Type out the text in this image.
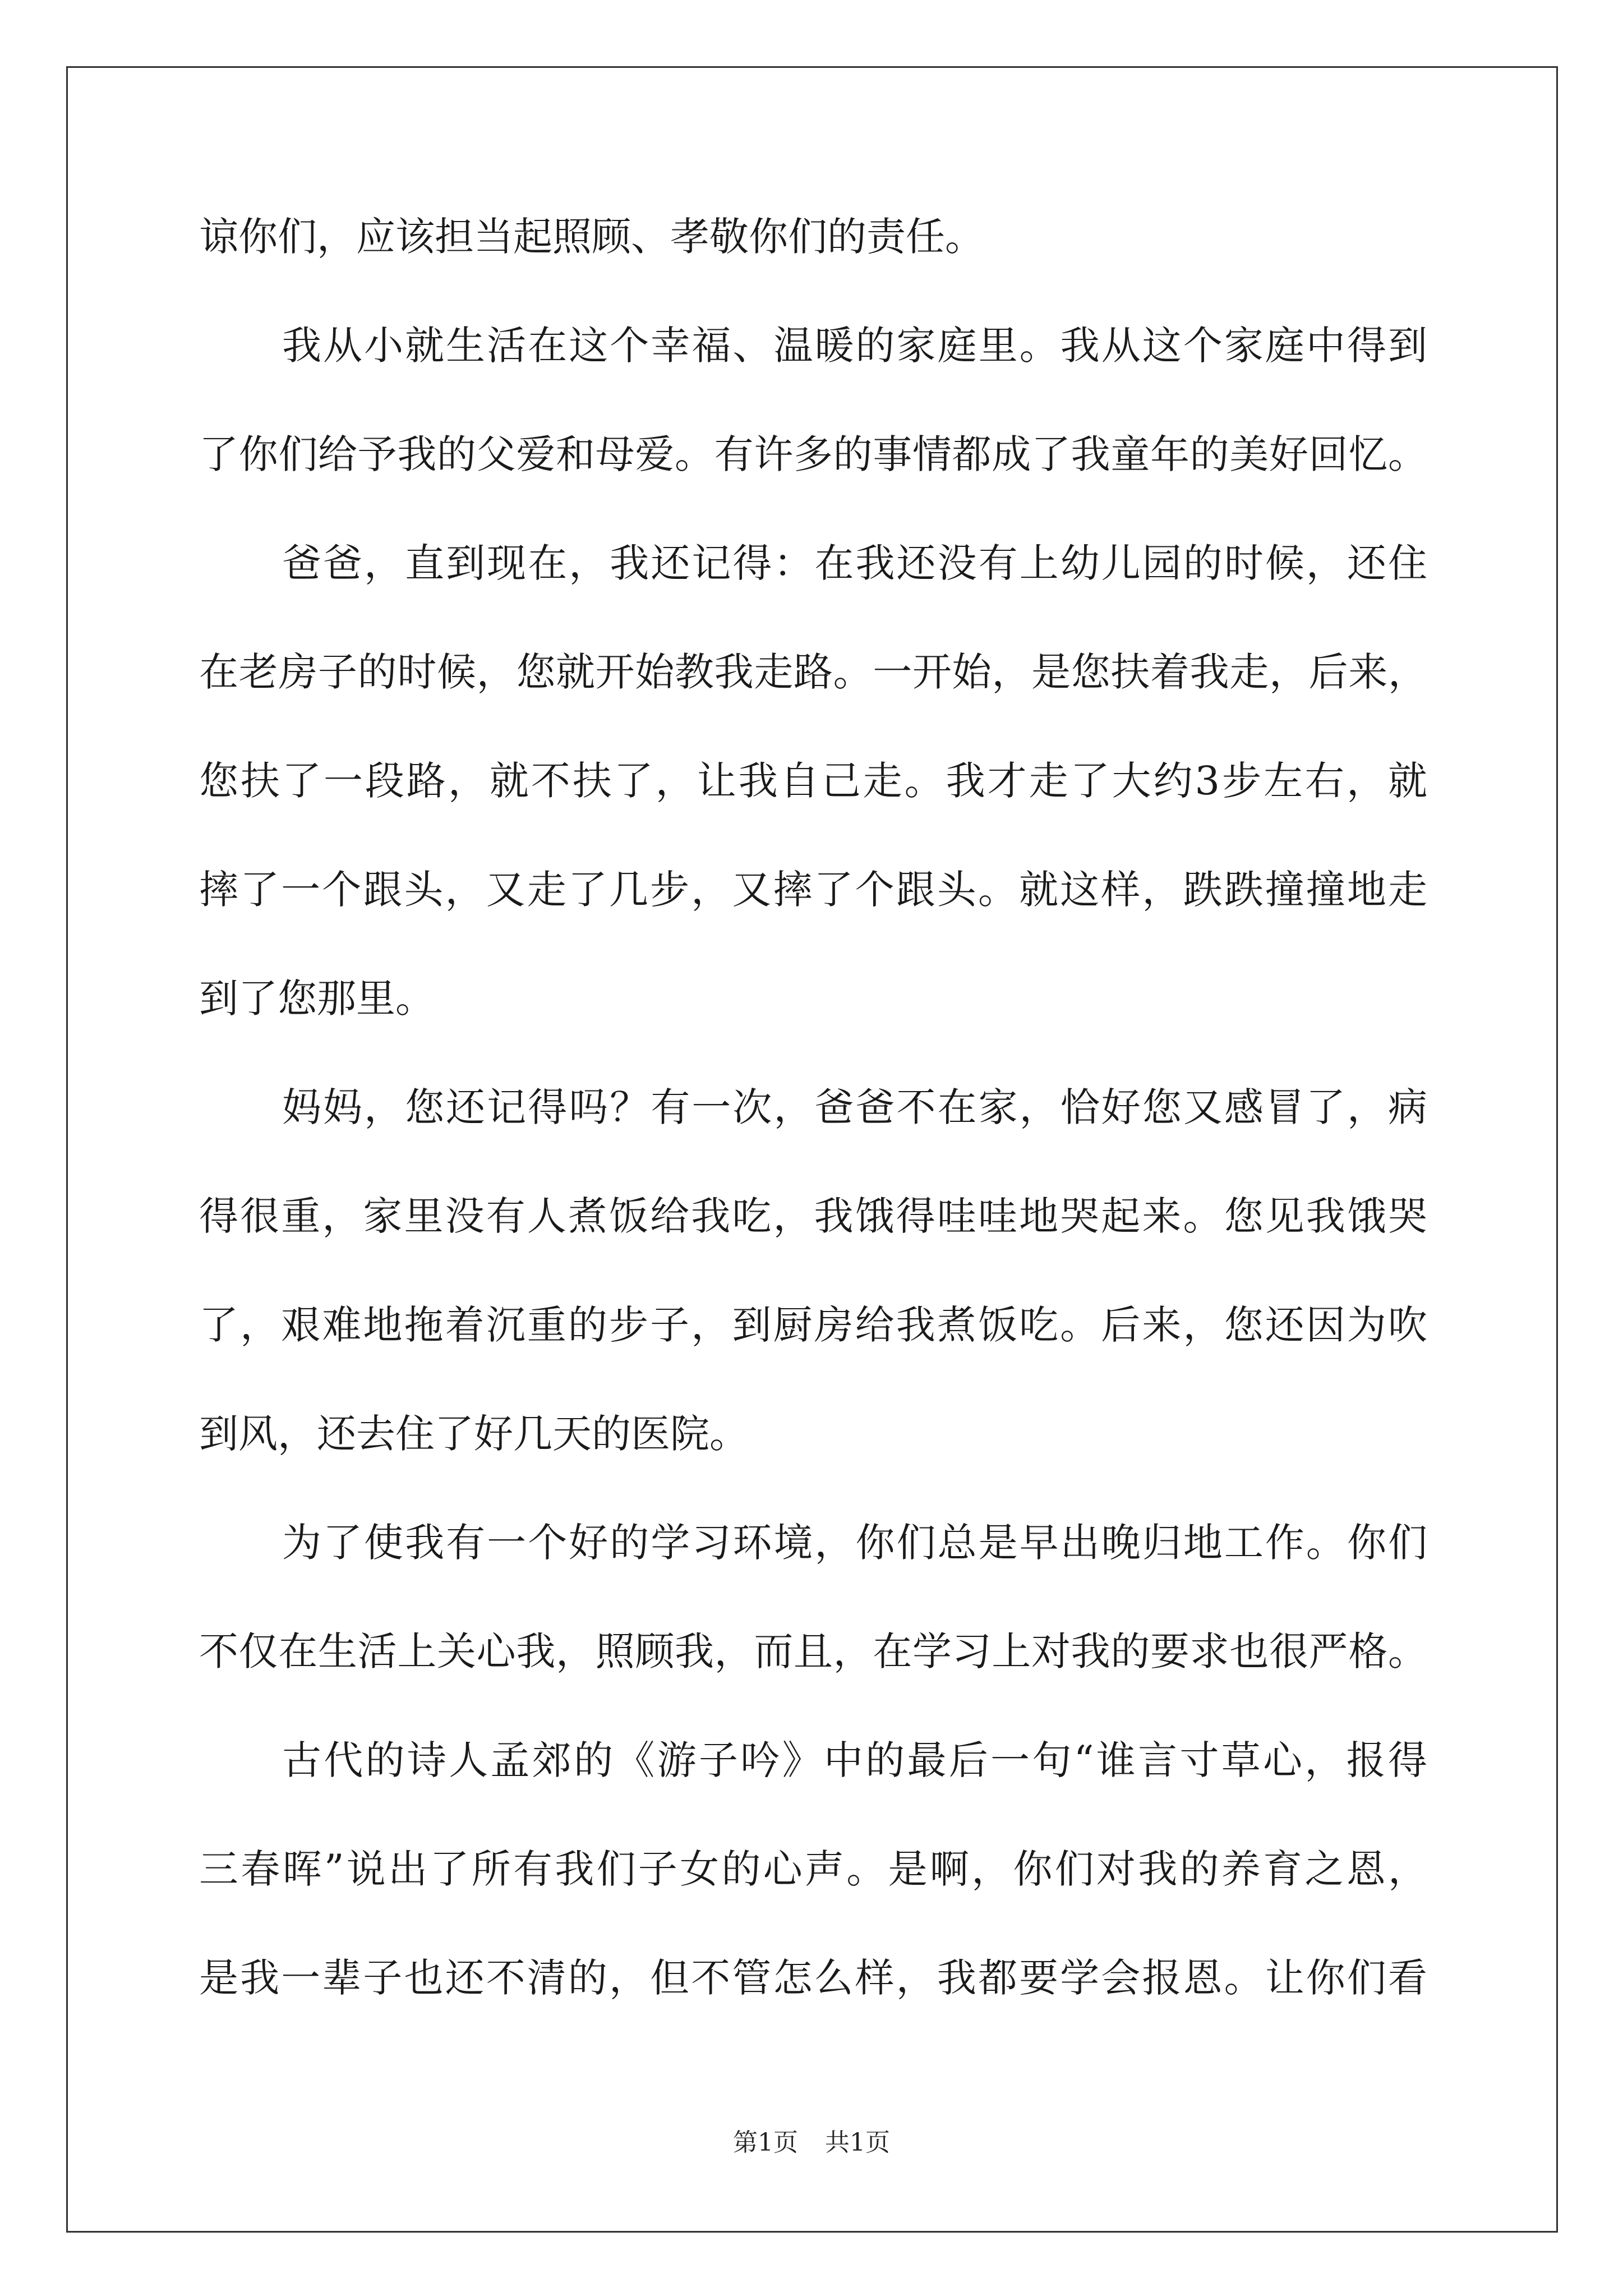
谅你们，应该担当起照顾、孝敬你们的责任。
我从小就生活在这个幸福、温暖的家庭里。我从这个家庭中得到
了你们给予我的父爱和母爱。有许多的事情都成了我童年的美好回忆。
爸爸，直到现在，我还记得：在我还没有上幼儿园的时候，还住
在老房子的时候，您就开始教我走路。一开始，是您扶着我走，后来，
您扶了一段路，就不扶了，让我自己走。我才走了大约3步左右，就
摔了一个跟头，又走了几步，又摔了个跟头。就这样，跌跌撞撞地走
到了您那里。
妈妈，您还记得吗？有一次，爸爸不在家，恰好您又感冒了，病
得很重，家里没有人煮饭给我吃，我饿得哇哇地哭起来。您见我饿哭
了，艰难地拖着沉重的步子，到厨房给我煮饭吃。后来，您还因为吹
到风，还去住了好几天的医院。
为了使我有一个好的学习环境，你们总是早出晚归地工作。你们
不仅在生活上关心我，照顾我，而且，在学习上对我的要求也很严格。
古代的诗人孟郊的《游子吟》中的最后一句“谁言寸草心，报得
三春晖”说出了所有我们子女的心声。是啊，你们对我的养育之恩，
是我一辈子也还不清的，但不管怎么样，我都要学会报恩。让你们看
第1页 共1页
